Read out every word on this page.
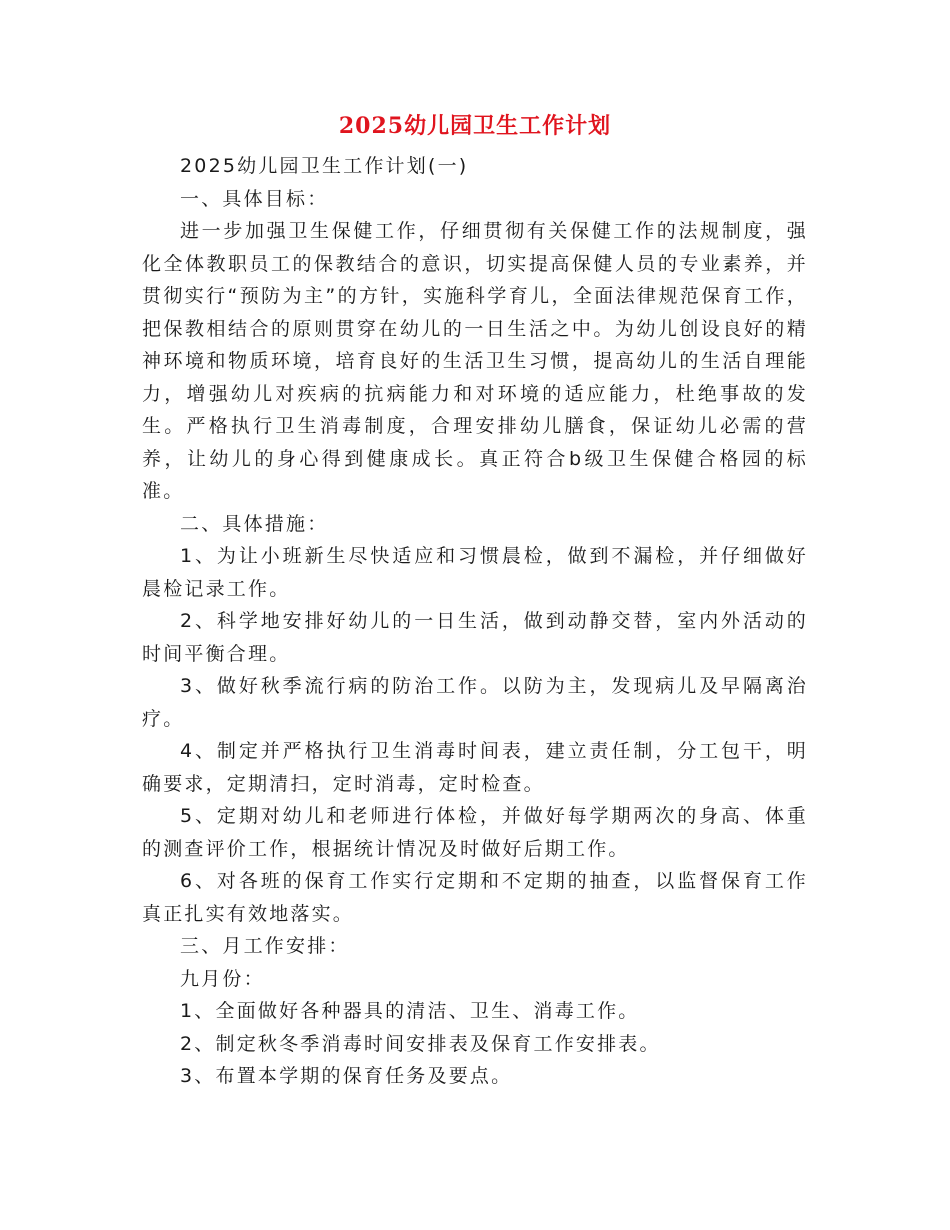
2025幼儿园卫生工作计划

2025幼儿园卫生工作计划(一)

一、具体目标：

进一步加强卫生保健工作，仔细贯彻有关保健工作的法规制度，强化全体教职员工的保教结合的意识，切实提高保健人员的专业素养，并贯彻实行“预防为主”的方针，实施科学育儿，全面法律规范保育工作，把保教相结合的原则贯穿在幼儿的一日生活之中。为幼儿创设良好的精神环境和物质环境，培育良好的生活卫生习惯，提高幼儿的生活自理能力，增强幼儿对疾病的抗病能力和对环境的适应能力，杜绝事故的发生。严格执行卫生消毒制度，合理安排幼儿膳食，保证幼儿必需的营养，让幼儿的身心得到健康成长。真正符合b级卫生保健合格园的标准。

二、具体措施：

1、为让小班新生尽快适应和习惯晨检，做到不漏检，并仔细做好晨检记录工作。

2、科学地安排好幼儿的一日生活，做到动静交替，室内外活动的时间平衡合理。

3、做好秋季流行病的防治工作。以防为主，发现病儿及早隔离治疗。

4、制定并严格执行卫生消毒时间表，建立责任制，分工包干，明确要求，定期清扫，定时消毒，定时检查。

5、定期对幼儿和老师进行体检，并做好每学期两次的身高、体重的测查评价工作，根据统计情况及时做好后期工作。

6、对各班的保育工作实行定期和不定期的抽查，以监督保育工作真正扎实有效地落实。

三、月工作安排：

九月份：

1、全面做好各种器具的清洁、卫生、消毒工作。

2、制定秋冬季消毒时间安排表及保育工作安排表。

3、布置本学期的保育任务及要点。
